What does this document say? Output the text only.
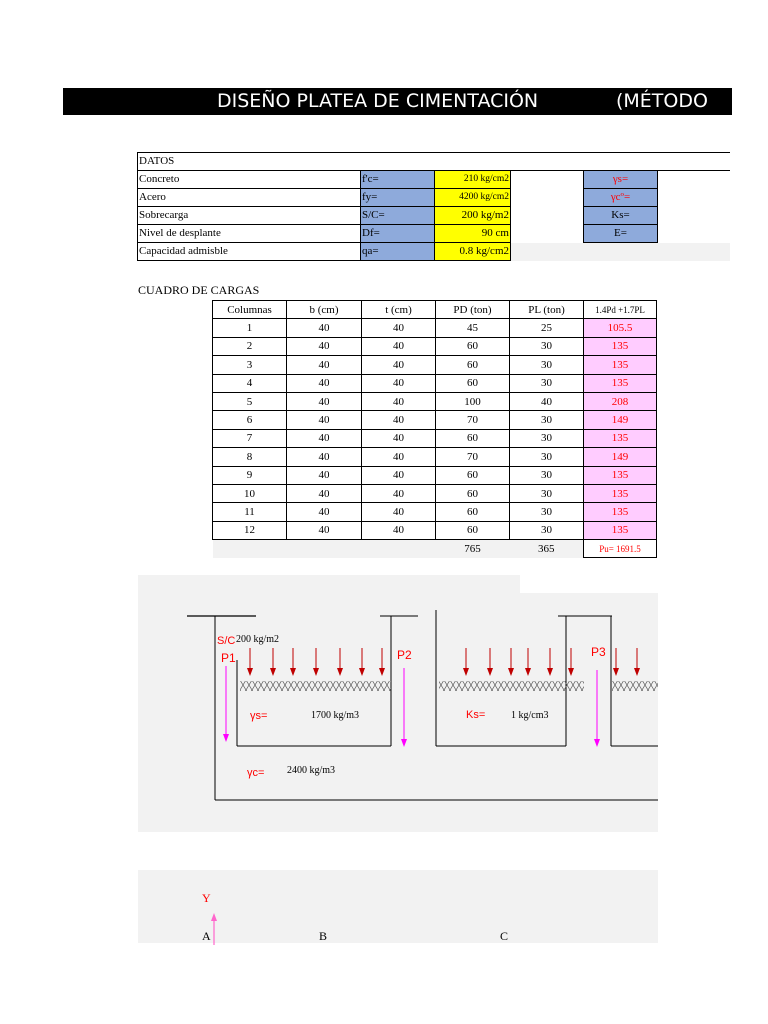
DISEÑO PLATEA DE CIMENTACIÓN	(MÉTODO
DATOS					
Concreto	f'c=	210 kg/cm2		γs=	
Acero	fy=	4200 kg/cm2		γcº=	
Sobrecarga	S/C=	200 kg/m2		Ks=	
Nivel de desplante	Df=	90 cm		E=	
Capacidad admisble	qa=	0.8 kg/cm2			
CUADRO DE CARGAS
Columnas	b (cm)	t (cm)	PD (ton)	PL (ton)	1.4Pd +1.7PL
1	40	40	45	25	105.5
2	40	40	60	30	135
3	40	40	60	30	135
4	40	40	60	30	135
5	40	40	100	40	208
6	40	40	70	30	149
7	40	40	60	30	135
8	40	40	70	30	149
9	40	40	60	30	135
10	40	40	60	30	135
11	40	40	60	30	135
12	40	40	60	30	135
			765	365	Pu= 1691.5
S/C 200 kg/m2
P1	P2	P3
γs=	1700 kg/m3	Ks=	1 kg/cm3
γc= 2400 kg/m3
Y
A	B	C
